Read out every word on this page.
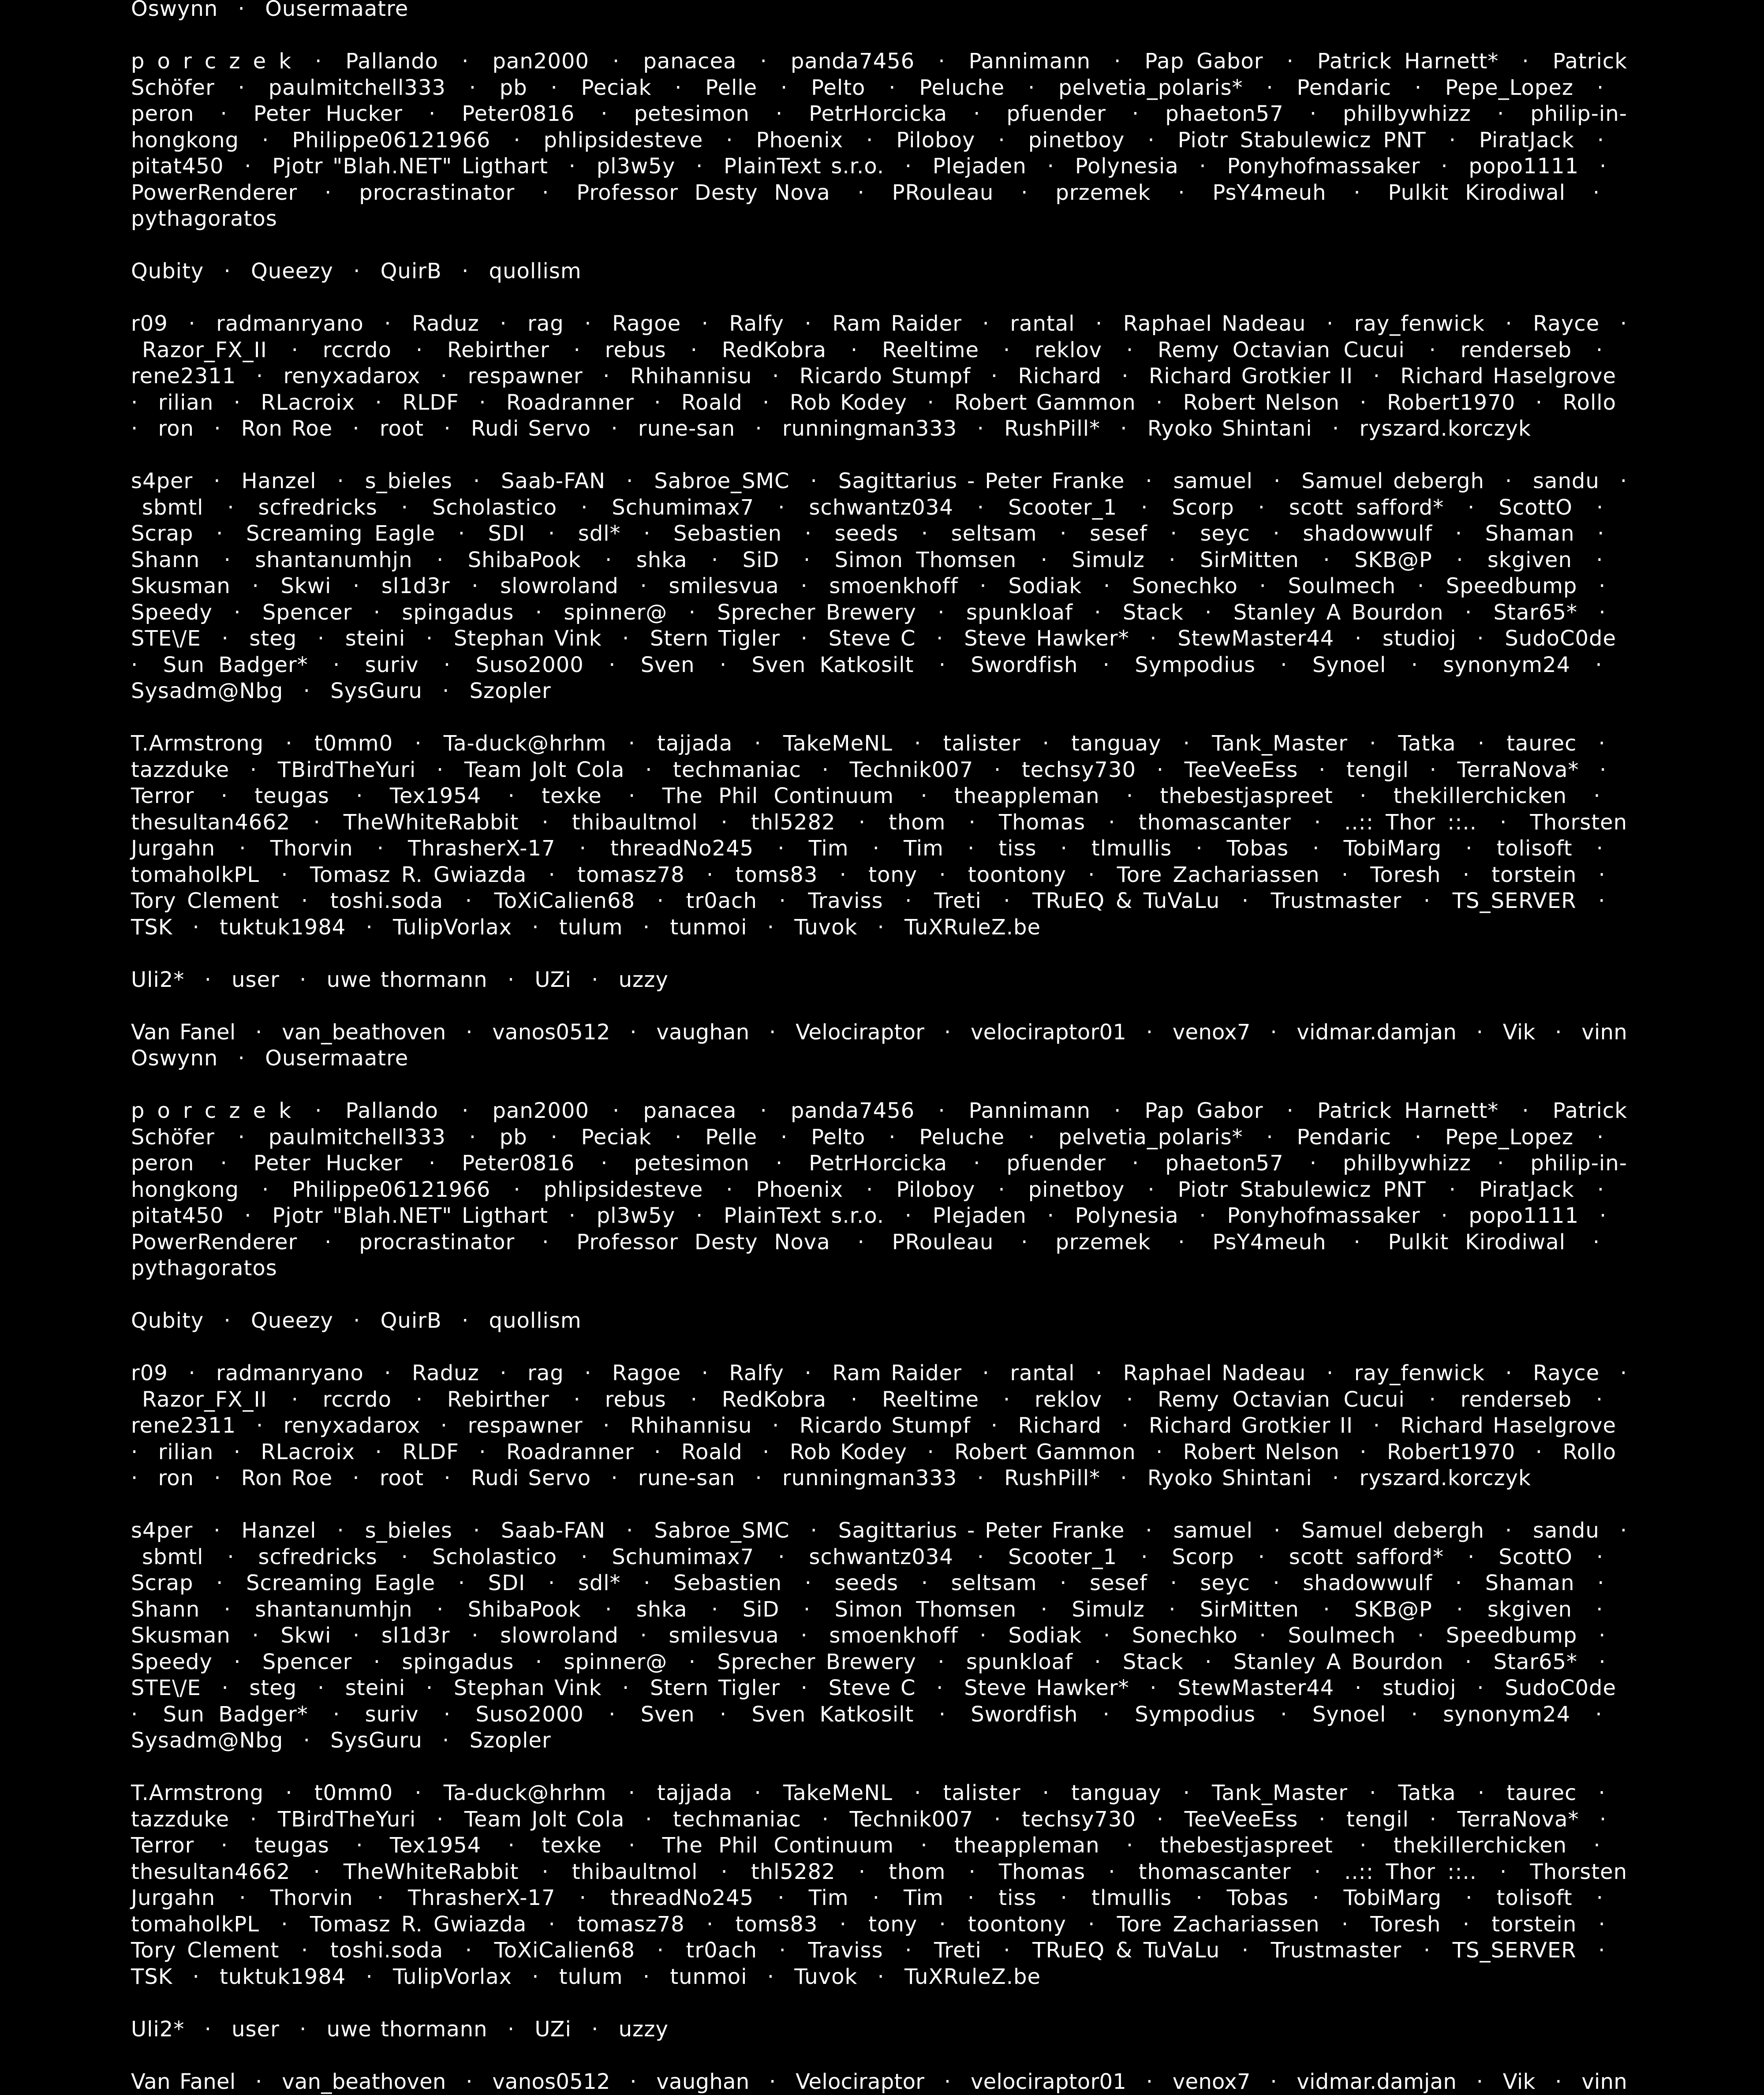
Oswynn  ·  Ousermaatre
p o r c z e k  ·  Pallando  ·  pan2000  ·  panacea  ·  panda7456  ·  Pannimann  ·  Pap Gabor  ·  Patrick Harnett*  ·  Patrick Schöfer  ·  paulmitchell333  ·  pb  ·  Peciak  ·  Pelle  ·  Pelto  ·  Peluche  ·  pelvetia_polaris*  ·  Pendaric  ·  Pepe_Lopez  ·  peron  ·  Peter Hucker  ·  Peter0816  ·  petesimon  ·  PetrHorcicka  ·  pfuender  ·  phaeton57  ·  philbywhizz  ·  philip-in-hongkong  ·  Philippe06121966  ·  phlipsidesteve  ·  Phoenix  ·  Piloboy  ·  pinetboy  ·  Piotr Stabulewicz PNT  ·  PiratJack  ·  pitat450  ·  Pjotr "Blah.NET" Ligthart  ·  pl3w5y  ·  PlainText s.r.o.  ·  Plejaden  ·  Polynesia  ·  Ponyhofmassaker  ·  popo1111  ·  PowerRenderer  ·  procrastinator  ·  Professor Desty Nova  ·  PRouleau  ·  przemek  ·  PsY4meuh  ·  Pulkit Kirodiwal  ·  pythagoratos
Qubity  ·  Queezy  ·  QuirB  ·  quollism
r09  ·  radmanryano  ·  Raduz  ·  rag  ·  Ragoe  ·  Ralfy  ·  Ram Raider  ·  rantal  ·  Raphael Nadeau  ·  ray_fenwick  ·  Rayce  ·  Razor_FX_II  ·  rccrdo  ·  Rebirther  ·  rebus  ·  RedKobra  ·  Reeltime  ·  reklov  ·  Remy Octavian Cucui  ·  renderseb  ·  rene2311  ·  renyxadarox  ·  respawner  ·  Rhihannisu  ·  Ricardo Stumpf  ·  Richard  ·  Richard Grotkier II  ·  Richard Haselgrove  ·  rilian  ·  RLacroix  ·  RLDF  ·  Roadranner  ·  Roald  ·  Rob Kodey  ·  Robert Gammon  ·  Robert Nelson  ·  Robert1970  ·  Rollo  ·  ron  ·  Ron Roe  ·  root  ·  Rudi Servo  ·  rune-san  ·  runningman333  ·  RushPill*  ·  Ryoko Shintani  ·  ryszard.korczyk
s4per  ·  Hanzel  ·  s_bieles  ·  Saab-FAN  ·  Sabroe_SMC  ·  Sagittarius - Peter Franke  ·  samuel  ·  Samuel debergh  ·  sandu  ·  sbmtl  ·  scfredricks  ·  Scholastico  ·  Schumimax7  ·  schwantz034  ·  Scooter_1  ·  Scorp  ·  scott safford*  ·  ScottO  ·  Scrap  ·  Screaming Eagle  ·  SDI  ·  sdl*  ·  Sebastien  ·  seeds  ·  seltsam  ·  sesef  ·  seyc  ·  shadowwulf  ·  Shaman  ·  Shann  ·  shantanumhjn  ·  ShibaPook  ·  shka  ·  SiD  ·  Simon Thomsen  ·  Simulz  ·  SirMitten  ·  SKB@P  ·  skgiven  ·  Skusman  ·  Skwi  ·  sl1d3r  ·  slowroland  ·  smilesvua  ·  smoenkhoff  ·  Sodiak  ·  Sonechko  ·  Soulmech  ·  Speedbump  ·  Speedy  ·  Spencer  ·  spingadus  ·  spinner@  ·  Sprecher Brewery  ·  spunkloaf  ·  Stack  ·  Stanley A Bourdon  ·  Star65*  ·  STE\/E  ·  steg  ·  steini  ·  Stephan Vink  ·  Stern Tigler  ·  Steve C  ·  Steve Hawker*  ·  StewMaster44  ·  studioj  ·  SudoC0de  ·  Sun Badger*  ·  suriv  ·  Suso2000  ·  Sven  ·  Sven Katkosilt  ·  Swordfish  ·  Sympodius  ·  Synoel  ·  synonym24  ·  Sysadm@Nbg  ·  SysGuru  ·  Szopler
T.Armstrong  ·  t0mm0  ·  Ta-duck@hrhm  ·  tajjada  ·  TakeMeNL  ·  talister  ·  tanguay  ·  Tank_Master  ·  Tatka  ·  taurec  ·  tazzduke  ·  TBirdTheYuri  ·  Team Jolt Cola  ·  techmaniac  ·  Technik007  ·  techsy730  ·  TeeVeeEss  ·  tengil  ·  TerraNova*  ·  Terror  ·  teugas  ·  Tex1954  ·  texke  ·  The Phil Continuum  ·  theappleman  ·  thebestjaspreet  ·  thekillerchicken  ·  thesultan4662  ·  TheWhiteRabbit  ·  thibaultmol  ·  thl5282  ·  thom  ·  Thomas  ·  thomascanter  ·  ..:: Thor ::..  ·  Thorsten Jurgahn  ·  Thorvin  ·  ThrasherX-17  ·  threadNo245  ·  Tim  ·  Tim  ·  tiss  ·  tlmullis  ·  Tobas  ·  TobiMarg  ·  tolisoft  ·  tomaholkPL  ·  Tomasz R. Gwiazda  ·  tomasz78  ·  toms83  ·  tony  ·  toontony  ·  Tore Zachariassen  ·  Toresh  ·  torstein  ·  Tory Clement  ·  toshi.soda  ·  ToXiCalien68  ·  tr0ach  ·  Traviss  ·  Treti  ·  TRuEQ & TuVaLu  ·  Trustmaster  ·  TS_SERVER  ·  TSK  ·  tuktuk1984  ·  TulipVorlax  ·  tulum  ·  tunmoi  ·  Tuvok  ·  TuXRuleZ.be
Uli2*  ·  user  ·  uwe thormann  ·  UZi  ·  uzzy
Van Fanel  ·  van_beathoven  ·  vanos0512  ·  vaughan  ·  Velociraptor  ·  velociraptor01  ·  venox7  ·  vidmar.damjan  ·  Vik  ·  vinn
Oswynn  ·  Ousermaatre
p o r c z e k  ·  Pallando  ·  pan2000  ·  panacea  ·  panda7456  ·  Pannimann  ·  Pap Gabor  ·  Patrick Harnett*  ·  Patrick Schöfer  ·  paulmitchell333  ·  pb  ·  Peciak  ·  Pelle  ·  Pelto  ·  Peluche  ·  pelvetia_polaris*  ·  Pendaric  ·  Pepe_Lopez  ·  peron  ·  Peter Hucker  ·  Peter0816  ·  petesimon  ·  PetrHorcicka  ·  pfuender  ·  phaeton57  ·  philbywhizz  ·  philip-in-hongkong  ·  Philippe06121966  ·  phlipsidesteve  ·  Phoenix  ·  Piloboy  ·  pinetboy  ·  Piotr Stabulewicz PNT  ·  PiratJack  ·  pitat450  ·  Pjotr "Blah.NET" Ligthart  ·  pl3w5y  ·  PlainText s.r.o.  ·  Plejaden  ·  Polynesia  ·  Ponyhofmassaker  ·  popo1111  ·  PowerRenderer  ·  procrastinator  ·  Professor Desty Nova  ·  PRouleau  ·  przemek  ·  PsY4meuh  ·  Pulkit Kirodiwal  ·  pythagoratos
Qubity  ·  Queezy  ·  QuirB  ·  quollism
r09  ·  radmanryano  ·  Raduz  ·  rag  ·  Ragoe  ·  Ralfy  ·  Ram Raider  ·  rantal  ·  Raphael Nadeau  ·  ray_fenwick  ·  Rayce  ·  Razor_FX_II  ·  rccrdo  ·  Rebirther  ·  rebus  ·  RedKobra  ·  Reeltime  ·  reklov  ·  Remy Octavian Cucui  ·  renderseb  ·  rene2311  ·  renyxadarox  ·  respawner  ·  Rhihannisu  ·  Ricardo Stumpf  ·  Richard  ·  Richard Grotkier II  ·  Richard Haselgrove  ·  rilian  ·  RLacroix  ·  RLDF  ·  Roadranner  ·  Roald  ·  Rob Kodey  ·  Robert Gammon  ·  Robert Nelson  ·  Robert1970  ·  Rollo  ·  ron  ·  Ron Roe  ·  root  ·  Rudi Servo  ·  rune-san  ·  runningman333  ·  RushPill*  ·  Ryoko Shintani  ·  ryszard.korczyk
s4per  ·  Hanzel  ·  s_bieles  ·  Saab-FAN  ·  Sabroe_SMC  ·  Sagittarius - Peter Franke  ·  samuel  ·  Samuel debergh  ·  sandu  ·  sbmtl  ·  scfredricks  ·  Scholastico  ·  Schumimax7  ·  schwantz034  ·  Scooter_1  ·  Scorp  ·  scott safford*  ·  ScottO  ·  Scrap  ·  Screaming Eagle  ·  SDI  ·  sdl*  ·  Sebastien  ·  seeds  ·  seltsam  ·  sesef  ·  seyc  ·  shadowwulf  ·  Shaman  ·  Shann  ·  shantanumhjn  ·  ShibaPook  ·  shka  ·  SiD  ·  Simon Thomsen  ·  Simulz  ·  SirMitten  ·  SKB@P  ·  skgiven  ·  Skusman  ·  Skwi  ·  sl1d3r  ·  slowroland  ·  smilesvua  ·  smoenkhoff  ·  Sodiak  ·  Sonechko  ·  Soulmech  ·  Speedbump  ·  Speedy  ·  Spencer  ·  spingadus  ·  spinner@  ·  Sprecher Brewery  ·  spunkloaf  ·  Stack  ·  Stanley A Bourdon  ·  Star65*  ·  STE\/E  ·  steg  ·  steini  ·  Stephan Vink  ·  Stern Tigler  ·  Steve C  ·  Steve Hawker*  ·  StewMaster44  ·  studioj  ·  SudoC0de  ·  Sun Badger*  ·  suriv  ·  Suso2000  ·  Sven  ·  Sven Katkosilt  ·  Swordfish  ·  Sympodius  ·  Synoel  ·  synonym24  ·  Sysadm@Nbg  ·  SysGuru  ·  Szopler
T.Armstrong  ·  t0mm0  ·  Ta-duck@hrhm  ·  tajjada  ·  TakeMeNL  ·  talister  ·  tanguay  ·  Tank_Master  ·  Tatka  ·  taurec  ·  tazzduke  ·  TBirdTheYuri  ·  Team Jolt Cola  ·  techmaniac  ·  Technik007  ·  techsy730  ·  TeeVeeEss  ·  tengil  ·  TerraNova*  ·  Terror  ·  teugas  ·  Tex1954  ·  texke  ·  The Phil Continuum  ·  theappleman  ·  thebestjaspreet  ·  thekillerchicken  ·  thesultan4662  ·  TheWhiteRabbit  ·  thibaultmol  ·  thl5282  ·  thom  ·  Thomas  ·  thomascanter  ·  ..:: Thor ::..  ·  Thorsten Jurgahn  ·  Thorvin  ·  ThrasherX-17  ·  threadNo245  ·  Tim  ·  Tim  ·  tiss  ·  tlmullis  ·  Tobas  ·  TobiMarg  ·  tolisoft  ·  tomaholkPL  ·  Tomasz R. Gwiazda  ·  tomasz78  ·  toms83  ·  tony  ·  toontony  ·  Tore Zachariassen  ·  Toresh  ·  torstein  ·  Tory Clement  ·  toshi.soda  ·  ToXiCalien68  ·  tr0ach  ·  Traviss  ·  Treti  ·  TRuEQ & TuVaLu  ·  Trustmaster  ·  TS_SERVER  ·  TSK  ·  tuktuk1984  ·  TulipVorlax  ·  tulum  ·  tunmoi  ·  Tuvok  ·  TuXRuleZ.be
Uli2*  ·  user  ·  uwe thormann  ·  UZi  ·  uzzy
Van Fanel  ·  van_beathoven  ·  vanos0512  ·  vaughan  ·  Velociraptor  ·  velociraptor01  ·  venox7  ·  vidmar.damjan  ·  Vik  ·  vinn
